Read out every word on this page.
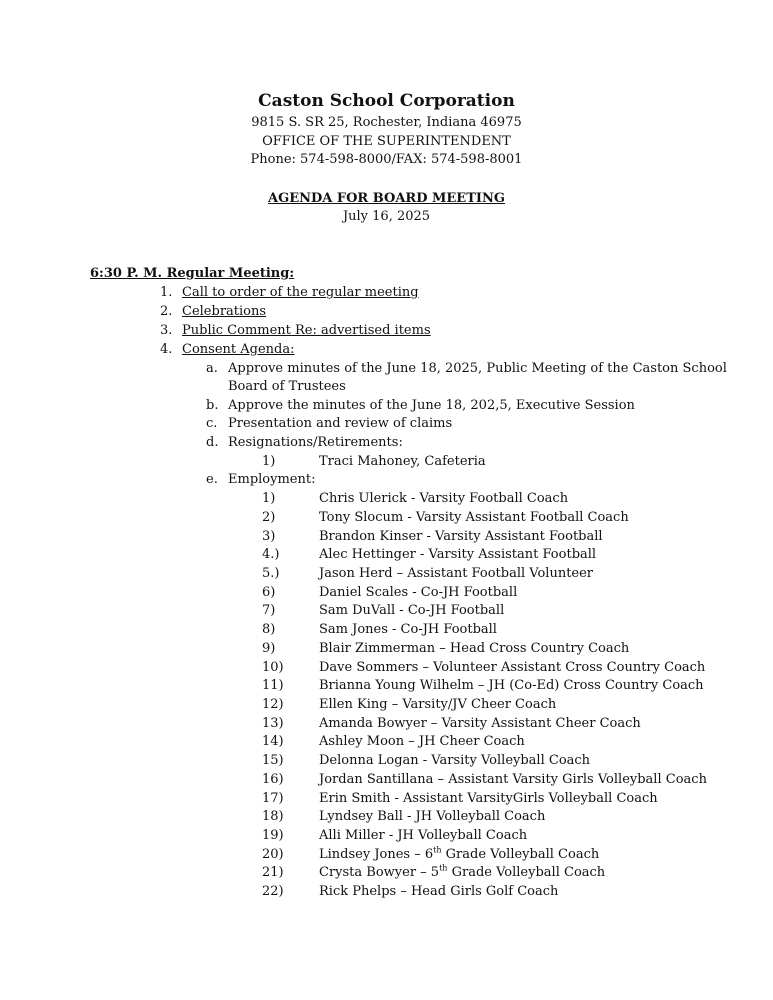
Caston School Corporation
9815 S. SR 25, Rochester, Indiana 46975
OFFICE OF THE SUPERINTENDENT
Phone: 574-598-8000/FAX: 574-598-8001
AGENDA FOR BOARD MEETING
July 16, 2025
6:30 P. M. Regular Meeting:
1. Call to order of the regular meeting
2. Celebrations
3. Public Comment Re: advertised items
4. Consent Agenda:
a. Approve minutes of the June 18, 2025, Public Meeting of the Caston School
Board of Trustees
b. Approve the minutes of the June 18, 202,5, Executive Session
c. Presentation and review of claims
d. Resignations/Retirements:
1)	Traci Mahoney, Cafeteria
e. Employment:
1)	Chris Ulerick - Varsity Football Coach
2)	Tony Slocum - Varsity Assistant Football Coach
3)	Brandon Kinser - Varsity Assistant Football
4.)	Alec Hettinger - Varsity Assistant Football
5.)	Jason Herd – Assistant Football Volunteer
6)	Daniel Scales - Co-JH Football
7)	Sam DuVall - Co-JH Football
8)	Sam Jones - Co-JH Football
9)	Blair Zimmerman – Head Cross Country Coach
10)	Dave Sommers – Volunteer Assistant Cross Country Coach
11)	Brianna Young Wilhelm – JH (Co-Ed) Cross Country Coach
12)	Ellen King – Varsity/JV Cheer Coach
13)	Amanda Bowyer – Varsity Assistant Cheer Coach
14)	Ashley Moon – JH Cheer Coach
15)	Delonna Logan - Varsity Volleyball Coach
16)	Jordan Santillana – Assistant Varsity Girls Volleyball Coach
17)	Erin Smith - Assistant VarsityGirls Volleyball Coach
18)	Lyndsey Ball - JH Volleyball Coach
19)	Alli Miller - JH Volleyball Coach
20)	Lindsey Jones – 6th Grade Volleyball Coach
21)	Crysta Bowyer – 5th Grade Volleyball Coach
22)	Rick Phelps – Head Girls Golf Coach
